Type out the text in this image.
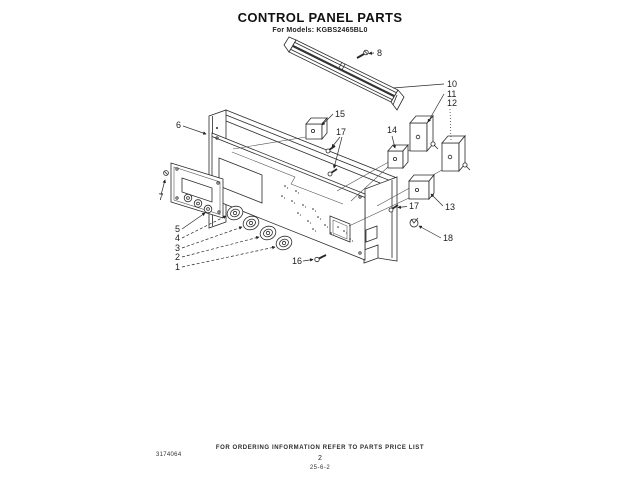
CONTROL PANEL PARTS
For Models: KGBS2465BL0
6
7
5
4
3
2
1
8
10
11
12
13
14
15
16
17
17
18
FOR ORDERING INFORMATION REFER TO PARTS PRICE LIST
2
3174064
25-6-2
